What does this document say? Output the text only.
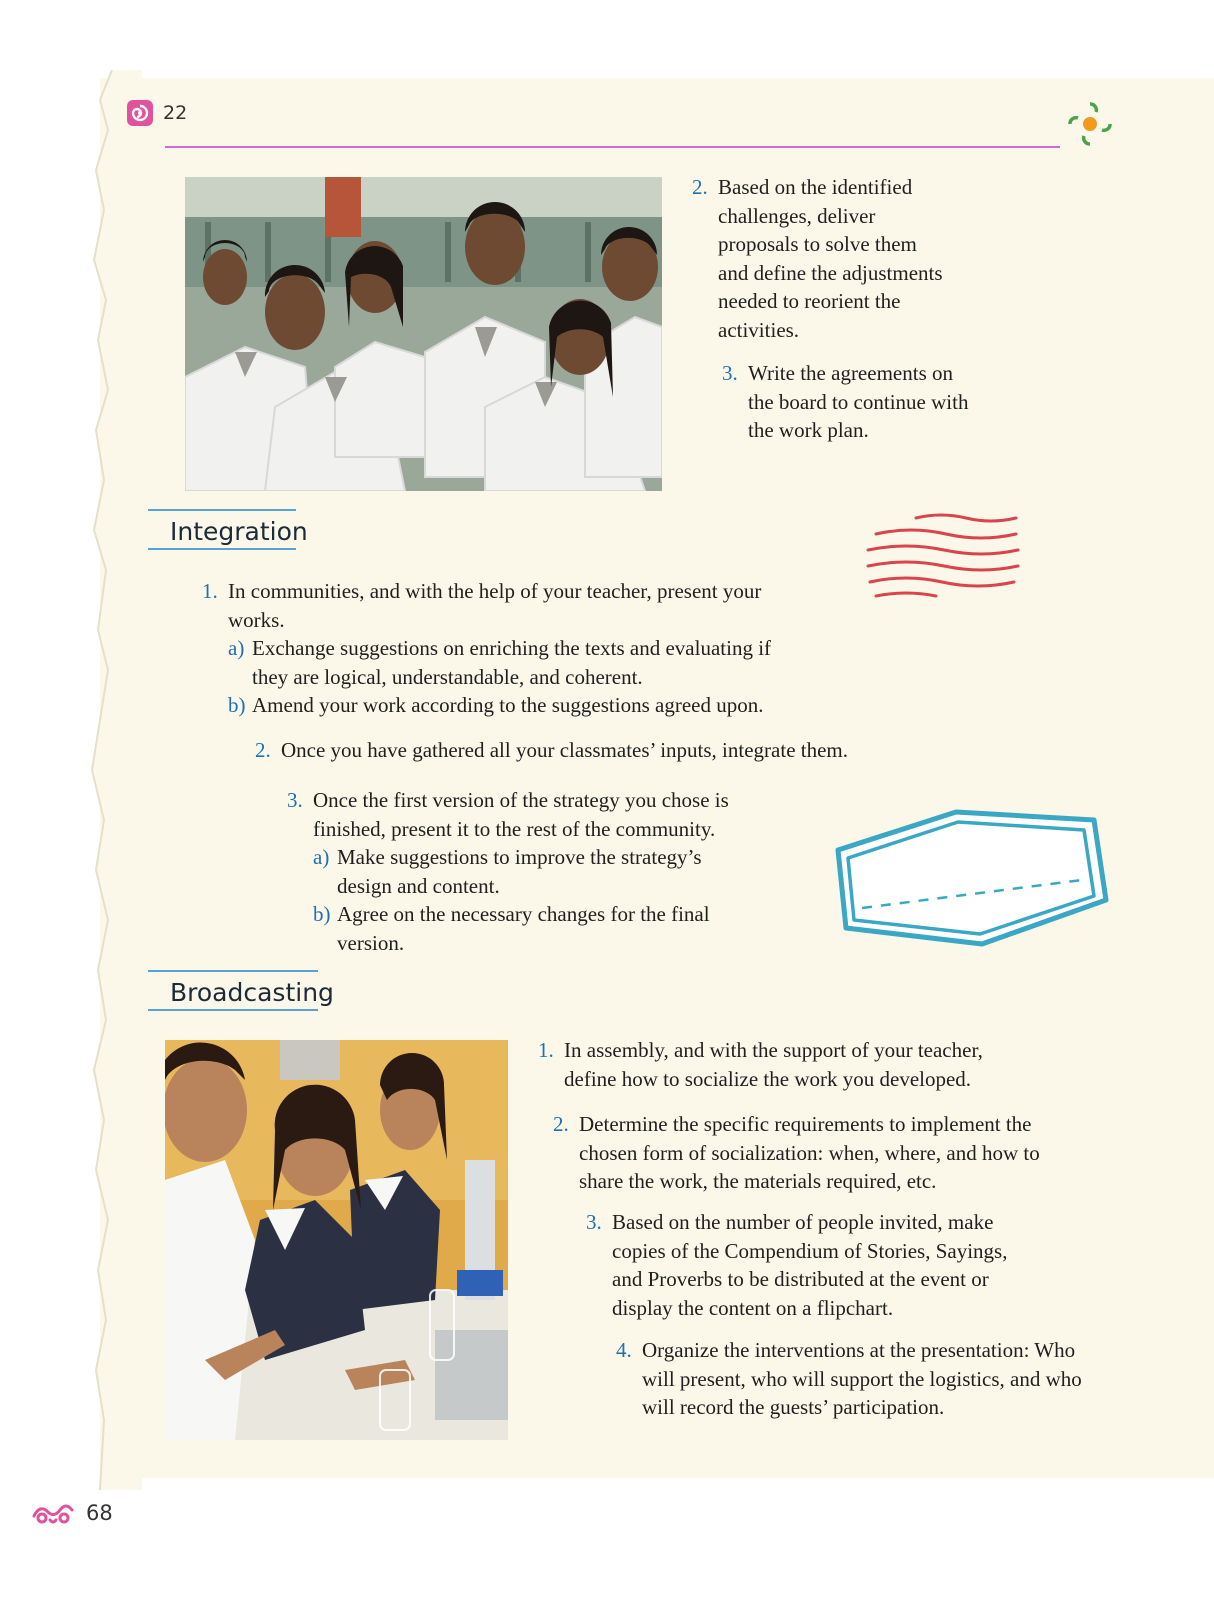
22
2. Based on the identified challenges, deliver proposals to solve them and define the adjustments needed to reorient the activities.

3. Write the agreements on the board to continue with the work plan.

Integration
1. In communities, and with the help of your teacher, present your works.

a) Exchange suggestions on enriching the texts and evaluating if they are logical, understandable, and coherent.

b) Amend your work according to the suggestions agreed upon.

2. Once you have gathered all your classmates’ inputs, integrate them.

3. Once the first version of the strategy you chose is finished, present it to the rest of the community.

a) Make suggestions to improve the strategy’s design and content.

b) Agree on the necessary changes for the final version.

Broadcasting
1. In assembly, and with the support of your teacher, define how to socialize the work you developed.

2. Determine the specific requirements to implement the chosen form of socialization: when, where, and how to share the work, the materials required, etc.

3. Based on the number of people invited, make copies of the Compendium of Stories, Sayings, and Proverbs to be distributed at the event or display the content on a flipchart.

4. Organize the interventions at the presentation: Who will present, who will support the logistics, and who will record the guests’ participation.

68
